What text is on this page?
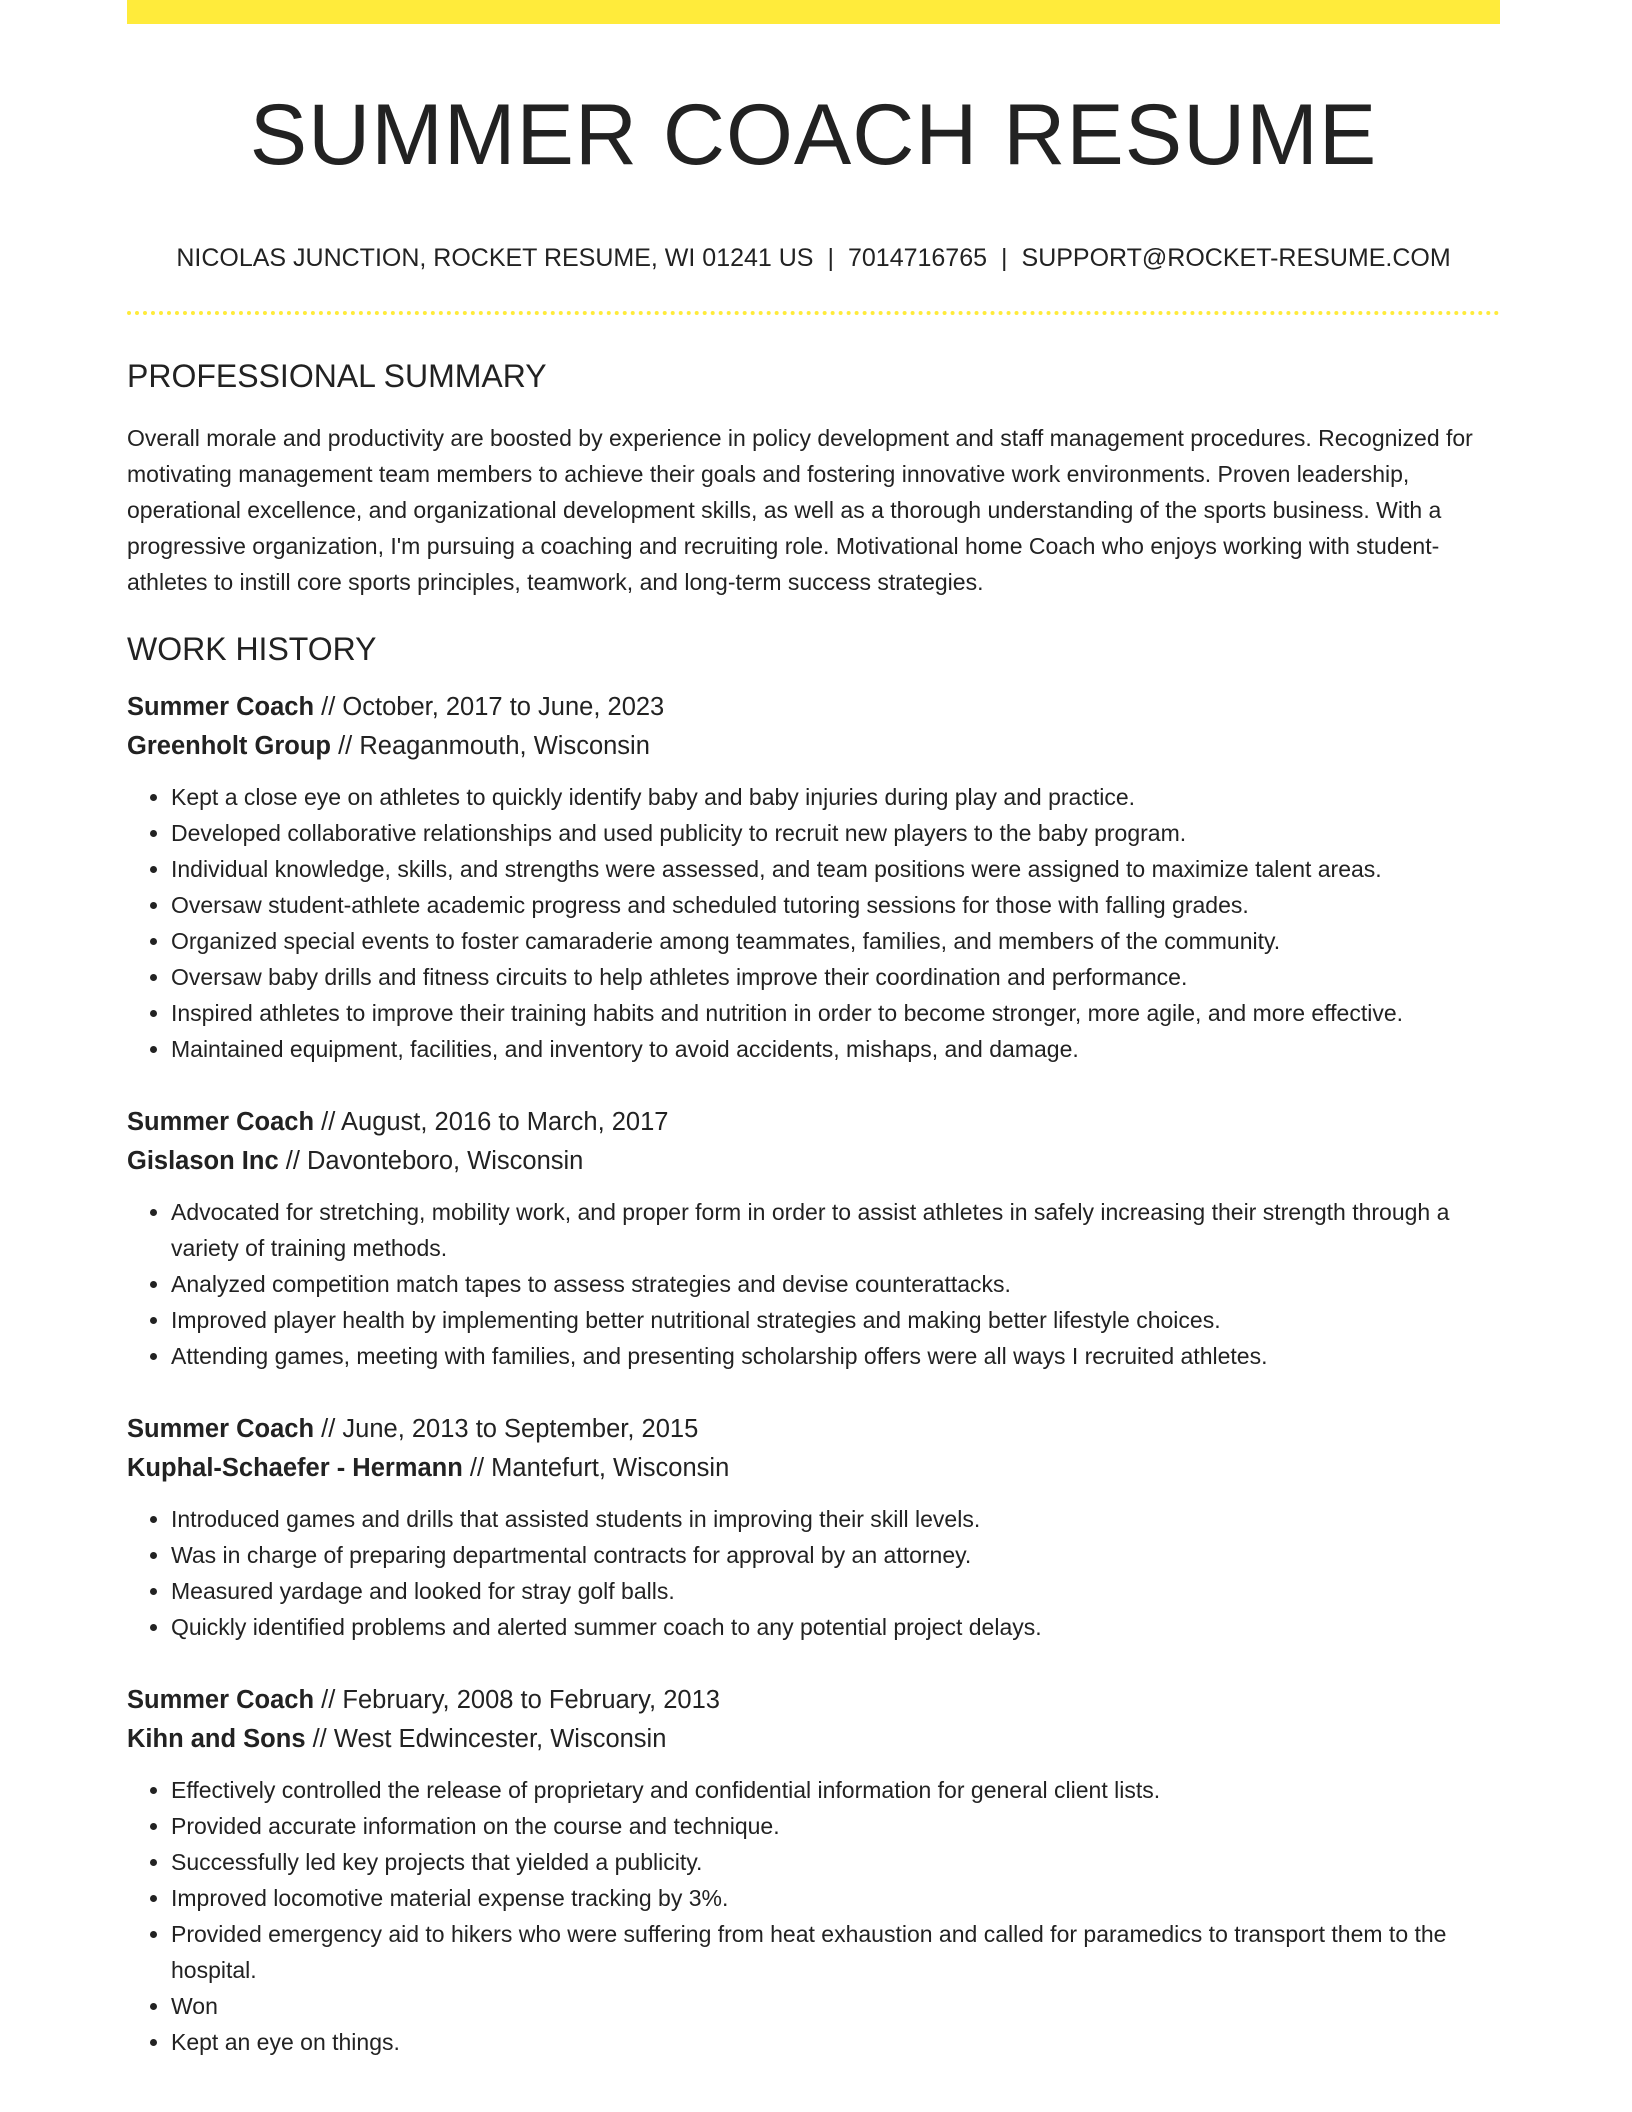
SUMMER COACH RESUME
NICOLAS JUNCTION, ROCKET RESUME, WI 01241 US | 7014716765 | SUPPORT@ROCKET-RESUME.COM
PROFESSIONAL SUMMARY

Overall morale and productivity are boosted by experience in policy development and staff management procedures. Recognized for motivating management team members to achieve their goals and fostering innovative work environments. Proven leadership, operational excellence, and organizational development skills, as well as a thorough understanding of the sports business. With a progressive organization, I'm pursuing a coaching and recruiting role. Motivational home Coach who enjoys working with student-athletes to instill core sports principles, teamwork, and long-term success strategies.

WORK HISTORY
Summer Coach // October, 2017 to June, 2023
Greenholt Group // Reaganmouth, Wisconsin
• Kept a close eye on athletes to quickly identify baby and baby injuries during play and practice.
• Developed collaborative relationships and used publicity to recruit new players to the baby program.
• Individual knowledge, skills, and strengths were assessed, and team positions were assigned to maximize talent areas.
• Oversaw student-athlete academic progress and scheduled tutoring sessions for those with falling grades.
• Organized special events to foster camaraderie among teammates, families, and members of the community.
• Oversaw baby drills and fitness circuits to help athletes improve their coordination and performance.
• Inspired athletes to improve their training habits and nutrition in order to become stronger, more agile, and more effective.
• Maintained equipment, facilities, and inventory to avoid accidents, mishaps, and damage.
Summer Coach // August, 2016 to March, 2017
Gislason Inc // Davonteboro, Wisconsin
• Advocated for stretching, mobility work, and proper form in order to assist athletes in safely increasing their strength through a variety of training methods.
• Analyzed competition match tapes to assess strategies and devise counterattacks.
• Improved player health by implementing better nutritional strategies and making better lifestyle choices.
• Attending games, meeting with families, and presenting scholarship offers were all ways I recruited athletes.
Summer Coach // June, 2013 to September, 2015
Kuphal-Schaefer - Hermann // Mantefurt, Wisconsin
• Introduced games and drills that assisted students in improving their skill levels.
• Was in charge of preparing departmental contracts for approval by an attorney.
• Measured yardage and looked for stray golf balls.
• Quickly identified problems and alerted summer coach to any potential project delays.
Summer Coach // February, 2008 to February, 2013
Kihn and Sons // West Edwincester, Wisconsin
• Effectively controlled the release of proprietary and confidential information for general client lists.
• Provided accurate information on the course and technique.
• Successfully led key projects that yielded a publicity.
• Improved locomotive material expense tracking by 3%.
• Provided emergency aid to hikers who were suffering from heat exhaustion and called for paramedics to transport them to the hospital.
• Won
• Kept an eye on things.
